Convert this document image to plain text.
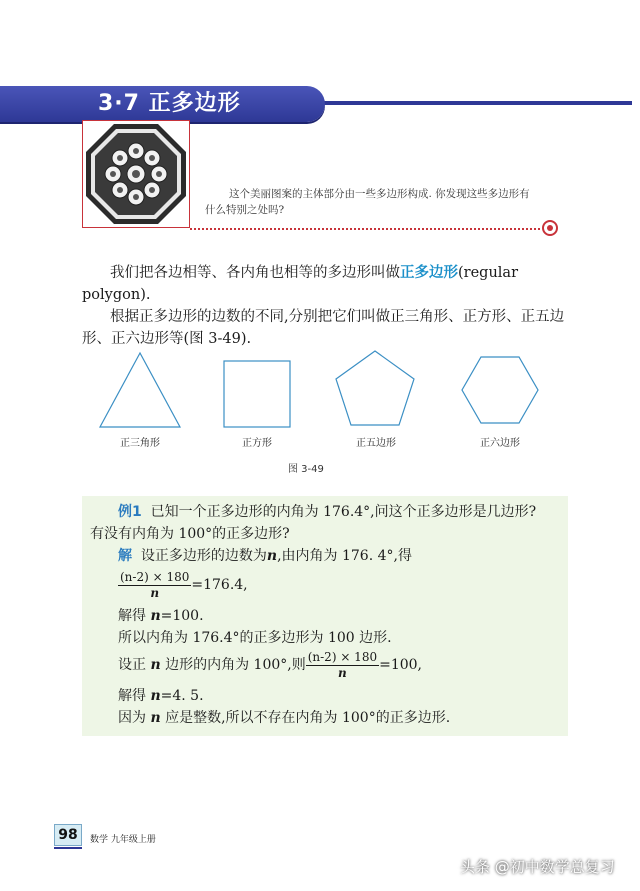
3·7 正多边形
这个美丽图案的主体部分由一些多边形构成. 你发现这些多边形有
什么特别之处吗?
我们把各边相等、各内角也相等的多边形叫做正多边形(regular
polygon).
根据正多边形的边数的不同,分别把它们叫做正三角形、正方形、正五边
形、正六边形等(图 3-49).
正三角形	正方形	正五边形	正六边形
图 3-49
例1 已知一个正多边形的内角为 176.4°,问这个正多边形是几边形?
有没有内角为 100°的正多边形?
解 设正多边形的边数为n,由内角为 176. 4°,得
$\frac{(n-2) \times 180}{n} =176.4$,
解得 n=100.
所以内角为 176.4°的正多边形为 100 边形.
设正 n 边形的内角为 100°,则 $\frac{(n-2) \times 180}{n} =100$,
解得 n=4. 5.
因为 n 应是整数,所以不存在内角为 100°的正多边形.
98	数学 九年级上册
头条 @初中数学总复习
